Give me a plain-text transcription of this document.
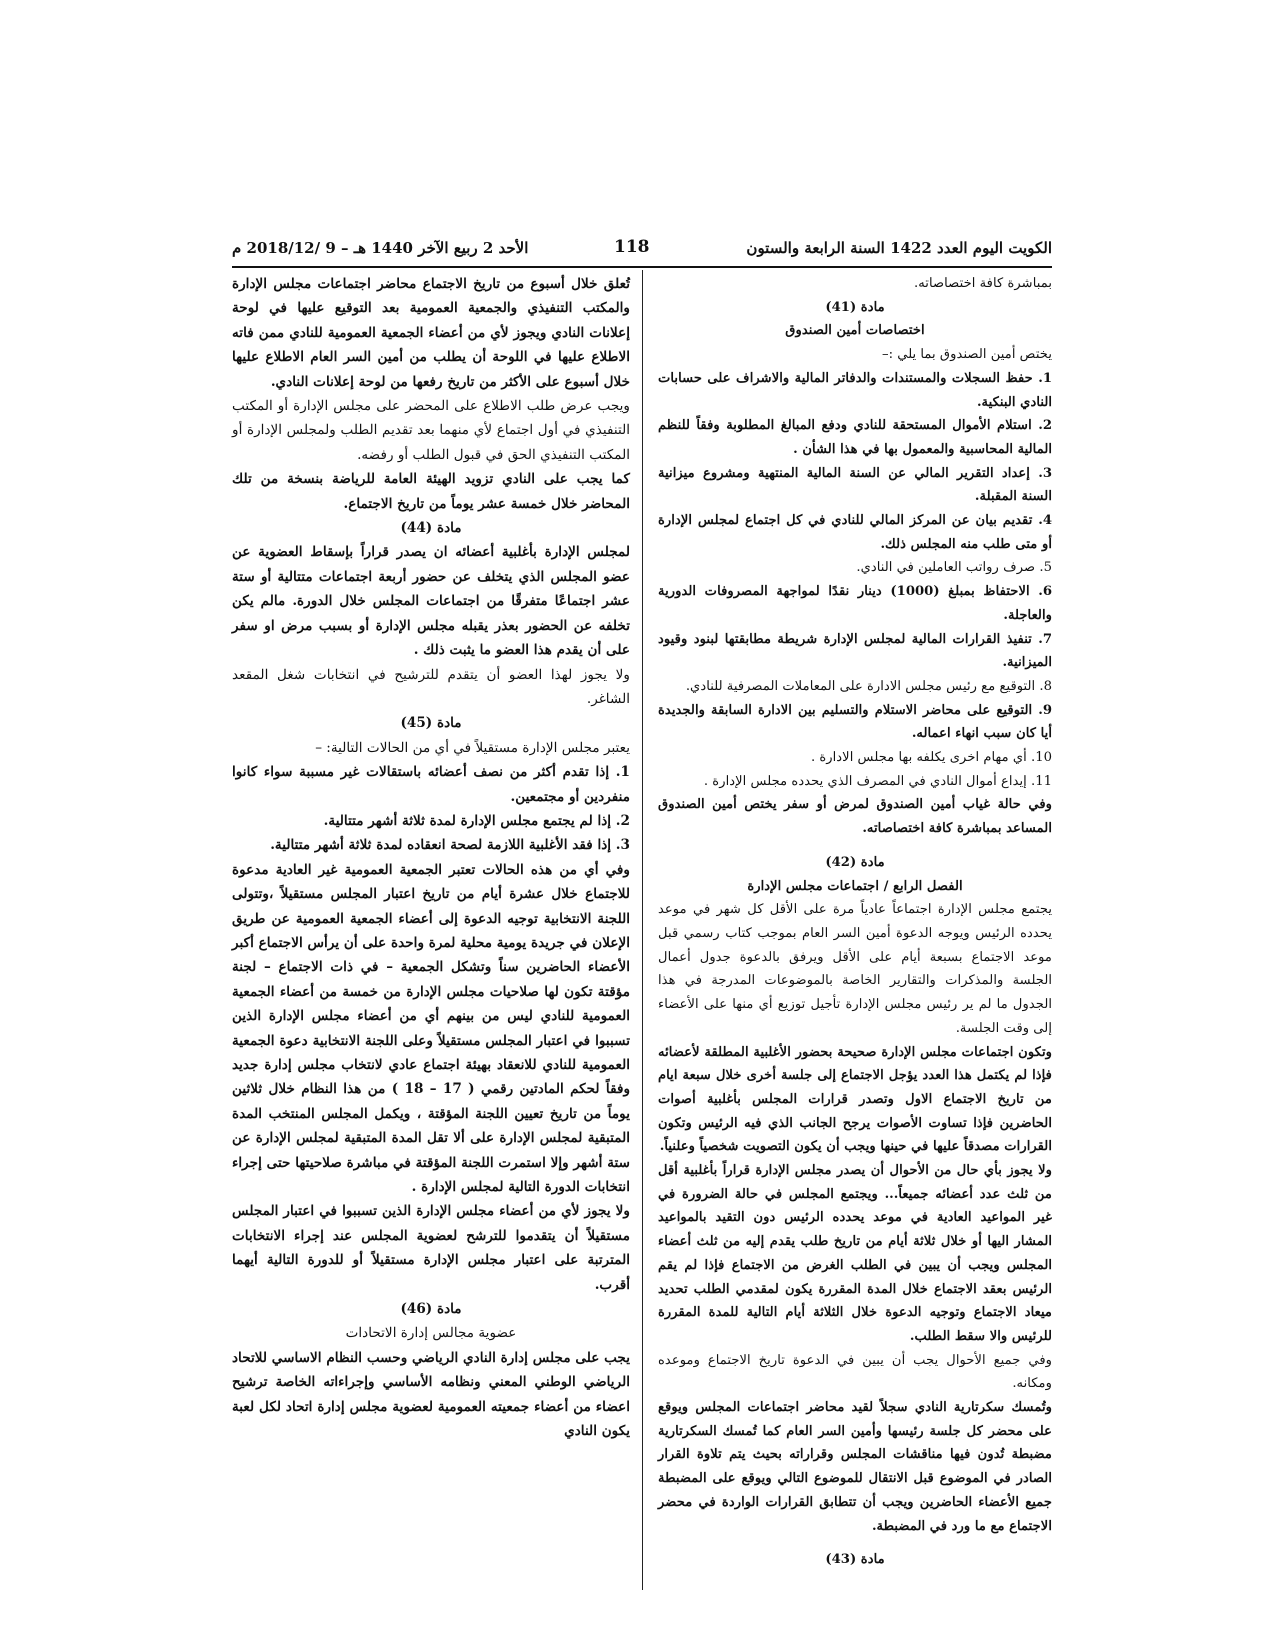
الكويت اليوم العدد 1422 السنة الرابعة والستون
118
الأحد 2 ربيع الآخر 1440 هـ – 9 /2018/12 م

بمباشرة كافة اختصاصاته.

مادة (41)

اختصاصات أمين الصندوق

يختص أمين الصندوق بما يلي :–

1. حفظ السجلات والمستندات والدفاتر المالية والاشراف على حسابات النادي البنكية.

2. استلام الأموال المستحقة للنادي ودفع المبالغ المطلوبة وفقاً للنظم المالية المحاسبية والمعمول بها في هذا الشأن .

3. إعداد التقرير المالي عن السنة المالية المنتهية ومشروع ميزانية السنة المقبلة.

4. تقديم بيان عن المركز المالي للنادي في كل اجتماع لمجلس الإدارة أو متى طلب منه المجلس ذلك.

5. صرف رواتب العاملين في النادي.

6. الاحتفاظ بمبلغ (1000) دينار نقدًا لمواجهة المصروفات الدورية والعاجلة.

7. تنفيذ القرارات المالية لمجلس الإدارة شريطة مطابقتها لبنود وقيود الميزانية.

8. التوقيع مع رئيس مجلس الادارة على المعاملات المصرفية للنادي.

9. التوقيع على محاضر الاستلام والتسليم بين الادارة السابقة والجديدة أيا كان سبب انهاء اعماله.

10. أي مهام اخرى يكلفه بها مجلس الادارة .

11. إيداع أموال النادي في المصرف الذي يحدده مجلس الإدارة .

وفي حالة غياب أمين الصندوق لمرض أو سفر يختص أمين الصندوق المساعد بمباشرة كافة اختصاصاته.

مادة (42)

الفصل الرابع / اجتماعات مجلس الإدارة

يجتمع مجلس الإدارة اجتماعاً عادياً مرة على الأقل كل شهر في موعد يحدده الرئيس ويوجه الدعوة أمين السر العام بموجب كتاب رسمي قبل موعد الاجتماع بسبعة أيام على الأقل ويرفق بالدعوة جدول أعمال الجلسة والمذكرات والتقارير الخاصة بالموضوعات المدرجة في هذا الجدول ما لم ير رئيس مجلس الإدارة تأجيل توزيع أي منها على الأعضاء إلى وقت الجلسة.

وتكون اجتماعات مجلس الإدارة صحيحة بحضور الأغلبية المطلقة لأعضائه فإذا لم يكتمل هذا العدد يؤجل الاجتماع إلى جلسة أخرى خلال سبعة ايام من تاريخ الاجتماع الاول وتصدر قرارات المجلس بأغلبية أصوات الحاضرين فإذا تساوت الأصوات يرجح الجانب الذي فيه الرئيس وتكون القرارات مصدقاً عليها في حينها ويجب أن يكون التصويت شخصياً وعلنياً.

ولا يجوز بأي حال من الأحوال أن يصدر مجلس الإدارة قراراً بأغلبية أقل من ثلث عدد أعضائه جميعاً... ويجتمع المجلس في حالة الضرورة في غير المواعيد العادية في موعد يحدده الرئيس دون التقيد بالمواعيد المشار اليها أو خلال ثلاثة أيام من تاريخ طلب يقدم إليه من ثلث أعضاء المجلس ويجب أن يبين في الطلب الغرض من الاجتماع فإذا لم يقم الرئيس بعقد الاجتماع خلال المدة المقررة يكون لمقدمي الطلب تحديد ميعاد الاجتماع وتوجيه الدعوة خلال الثلاثة أيام التالية للمدة المقررة للرئيس والا سقط الطلب.

وفي جميع الأحوال يجب أن يبين في الدعوة تاريخ الاجتماع وموعده ومكانه.

وتُمسك سكرتارية النادي سجلاً لقيد محاضر اجتماعات المجلس ويوقع على محضر كل جلسة رئيسها وأمين السر العام كما تُمسك السكرتارية مضبطة تُدون فيها مناقشات المجلس وقراراته بحيث يتم تلاوة القرار الصادر في الموضوع قبل الانتقال للموضوع التالي ويوقع على المضبطة جميع الأعضاء الحاضرين ويجب أن تتطابق القرارات الواردة في محضر الاجتماع مع ما ورد في المضبطة.

مادة (43)

تُعلق خلال أسبوع من تاريخ الاجتماع محاضر اجتماعات مجلس الإدارة والمكتب التنفيذي والجمعية العمومية بعد التوقيع عليها في لوحة إعلانات النادي ويجوز لأي من أعضاء الجمعية العمومية للنادي ممن فاته الاطلاع عليها في اللوحة أن يطلب من أمين السر العام الاطلاع عليها خلال أسبوع على الأكثر من تاريخ رفعها من لوحة إعلانات النادي.

ويجب عرض طلب الاطلاع على المحضر على مجلس الإدارة أو المكتب التنفيذي في أول اجتماع لأي منهما بعد تقديم الطلب ولمجلس الإدارة أو المكتب التنفيذي الحق في قبول الطلب أو رفضه.

كما يجب على النادي تزويد الهيئة العامة للرياضة بنسخة من تلك المحاضر خلال خمسة عشر يوماً من تاريخ الاجتماع.

مادة (44)

لمجلس الإدارة بأغلبية أعضائه ان يصدر قراراً بإسقاط العضوية عن عضو المجلس الذي يتخلف عن حضور أربعة اجتماعات متتالية أو ستة عشر اجتماعًا متفرقًا من اجتماعات المجلس خلال الدورة. مالم يكن تخلفه عن الحضور بعذر يقبله مجلس الإدارة أو بسبب مرض او سفر على أن يقدم هذا العضو ما يثبت ذلك .

ولا يجوز لهذا العضو أن يتقدم للترشيح في انتخابات شغل المقعد الشاغر.

مادة (45)

يعتبر مجلس الإدارة مستقيلاً في أي من الحالات التالية: –

1. إذا تقدم أكثر من نصف أعضائه باستقالات غير مسببة سواء كانوا منفردين أو مجتمعين.

2. إذا لم يجتمع مجلس الإدارة لمدة ثلاثة أشهر متتالية.

3. إذا فقد الأغلبية اللازمة لصحة انعقاده لمدة ثلاثة أشهر متتالية.

وفي أي من هذه الحالات تعتبر الجمعية العمومية غير العادية مدعوة للاجتماع خلال عشرة أيام من تاريخ اعتبار المجلس مستقيلاً ،وتتولى اللجنة الانتخابية توجيه الدعوة إلى أعضاء الجمعية العمومية عن طريق الإعلان في جريدة يومية محلية لمرة واحدة على أن يرأس الاجتماع أكبر الأعضاء الحاضرين سناً وتشكل الجمعية – في ذات الاجتماع – لجنة مؤقتة تكون لها صلاحيات مجلس الإدارة من خمسة من أعضاء الجمعية العمومية للنادي ليس من بينهم أي من أعضاء مجلس الإدارة الذين تسببوا في اعتبار المجلس مستقيلاً وعلى اللجنة الانتخابية دعوة الجمعية العمومية للنادي للانعقاد بهيئة اجتماع عادي لانتخاب مجلس إدارة جديد وفقاً لحكم المادتين رقمي ( 17 – 18 ) من هذا النظام خلال ثلاثين يوماً من تاريخ تعيين اللجنة المؤقتة ، ويكمل المجلس المنتخب المدة المتبقية لمجلس الإدارة على ألا تقل المدة المتبقية لمجلس الإدارة عن ستة أشهر وإلا استمرت اللجنة المؤقتة في مباشرة صلاحيتها حتى إجراء انتخابات الدورة التالية لمجلس الإدارة .

ولا يجوز لأي من أعضاء مجلس الإدارة الذين تسببوا في اعتبار المجلس مستقيلاً أن يتقدموا للترشح لعضوية المجلس عند إجراء الانتخابات المترتبة على اعتبار مجلس الإدارة مستقيلاً أو للدورة التالية أيهما أقرب.

مادة (46)

عضوية مجالس إدارة الاتحادات

يجب على مجلس إدارة النادي الرياضي وحسب النظام الاساسي للاتحاد الرياضي الوطني المعني ونظامه الأساسي وإجراءاته الخاصة ترشيح اعضاء من أعضاء جمعيته العمومية لعضوية مجلس إدارة اتحاد لكل لعبة يكون النادي
